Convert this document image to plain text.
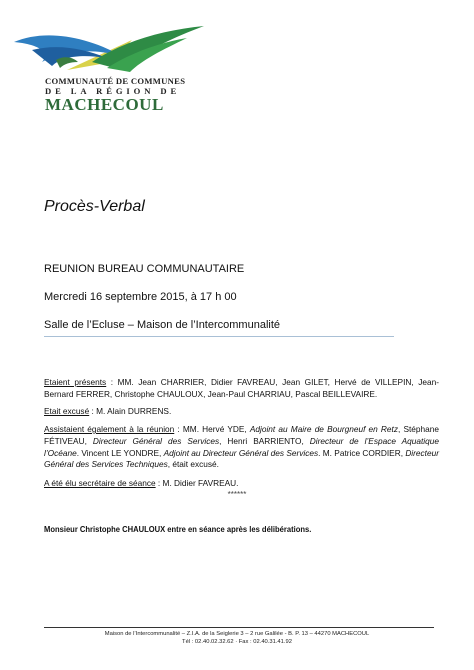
COMMUNAUTÉ DE COMMUNES
DE LA RÉGION DE
MACHECOUL
Procès-Verbal
REUNION BUREAU COMMUNAUTAIRE
Mercredi 16 septembre 2015, à 17 h 00
Salle de l’Ecluse – Maison de l’Intercommunalité
Etaient présents : MM. Jean CHARRIER, Didier FAVREAU, Jean GILET, Hervé de VILLEPIN, Jean-Bernard FERRER, Christophe CHAULOUX, Jean-Paul CHARRIAU, Pascal BEILLEVAIRE.
Etait excusé : M. Alain DURRENS.
Assistaient également à la réunion : MM. Hervé YDE, Adjoint au Maire de Bourgneuf en Retz, Stéphane FÉTIVEAU, Directeur Général des Services, Henri BARRIENTO, Directeur de l’Espace Aquatique l’Océane. Vincent LE YONDRE, Adjoint au Directeur Général des Services. M. Patrice CORDIER, Directeur Général des Services Techniques, était excusé.
A été élu secrétaire de séance : M. Didier FAVREAU.
******
Monsieur Christophe CHAULOUX entre en séance après les délibérations.
Maison de l’Intercommunalité – Z.I.A. de la Seiglerie 3 – 2 rue Galilée - B. P. 13 – 44270 MACHECOUL
Tél : 02.40.02.32.62 · Fax : 02.40.31.41.92
